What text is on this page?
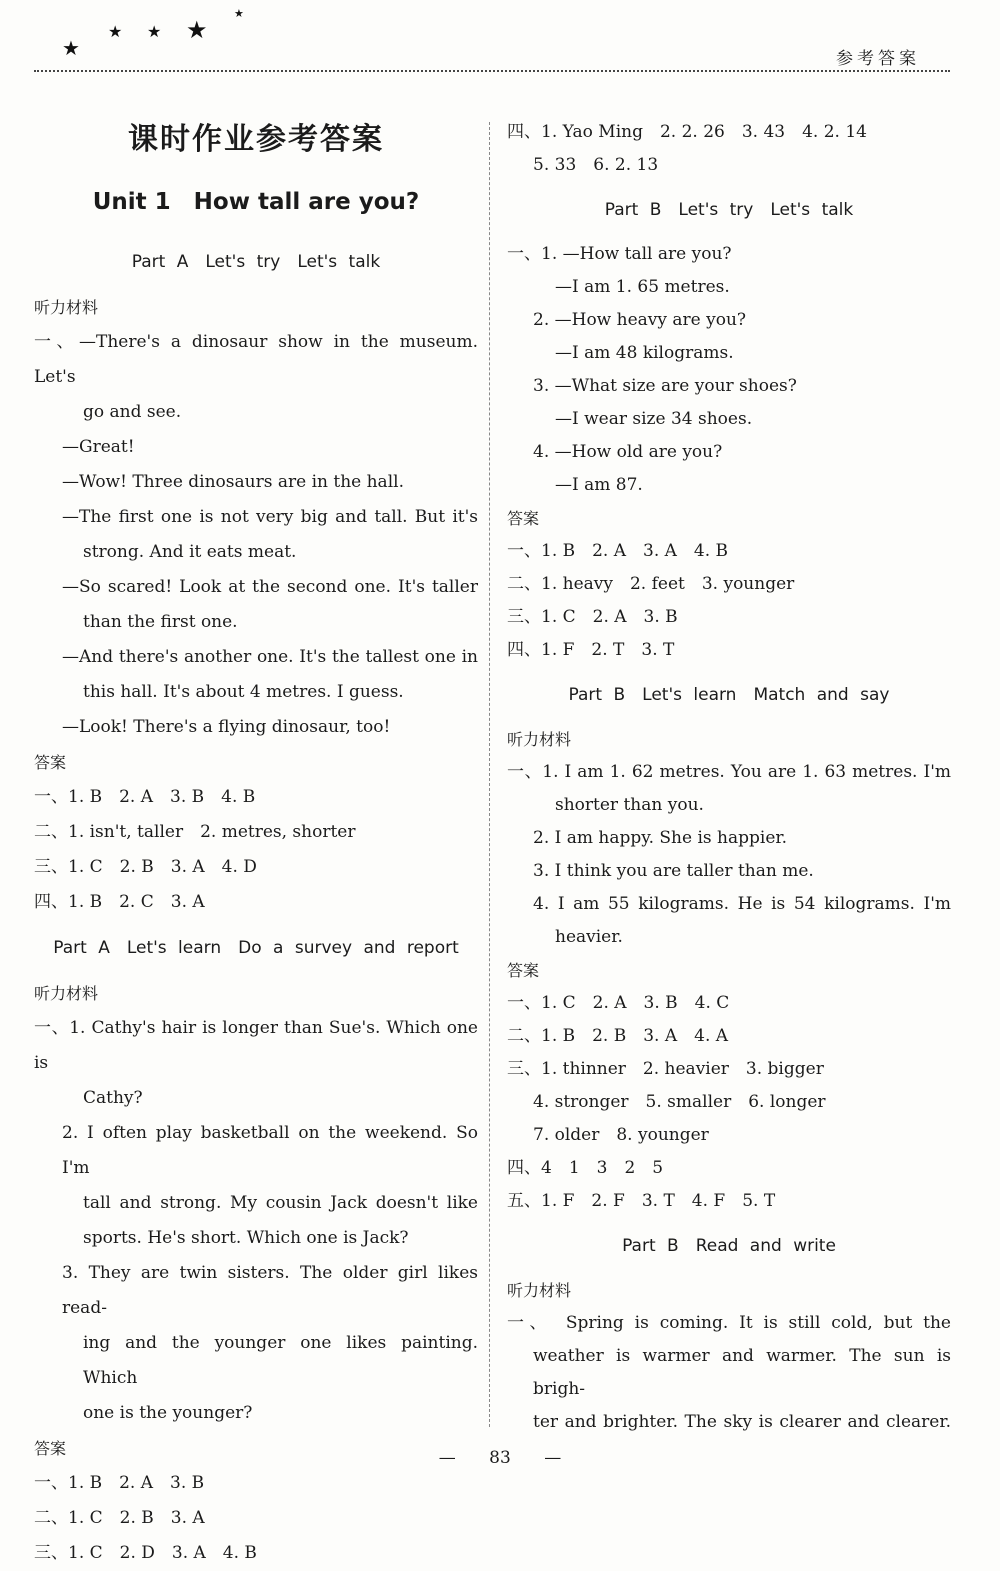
★
★ ★ ★
★
参考答案
课时作业参考答案
Unit 1　How tall are you?
Part A　Let's try　Let's talk
听力材料
一、—There's a dinosaur show in the museum. Let's
go and see.
—Great!
—Wow! Three dinosaurs are in the hall.
—The first one is not very big and tall. But it's
strong. And it eats meat.
—So scared! Look at the second one. It's taller
than the first one.
—And there's another one. It's the tallest one in
this hall. It's about 4 metres. I guess.
—Look! There's a flying dinosaur, too!
答案
一、1. B　2. A　3. B　4. B
二、1. isn't, taller　2. metres, shorter
三、1. C　2. B　3. A　4. D
四、1. B　2. C　3. A
Part A　Let's learn　Do a survey and report
听力材料
一、1. Cathy's hair is longer than Sue's. Which one is
Cathy?
2. I often play basketball on the weekend. So I'm
tall and strong. My cousin Jack doesn't like
sports. He's short. Which one is Jack?
3. They are twin sisters. The older girl likes read-
ing and the younger one likes painting. Which
one is the younger?
答案
一、1. B　2. A　3. B
二、1. C　2. B　3. A
三、1. C　2. D　3. A　4. B
四、1. Yao Ming　2. 2. 26　3. 43　4. 2. 14
5. 33　6. 2. 13
Part B　Let's try　Let's talk
一、1. —How tall are you?
—I am 1. 65 metres.
2. —How heavy are you?
—I am 48 kilograms.
3. —What size are your shoes?
—I wear size 34 shoes.
4. —How old are you?
—I am 87.
答案
一、1. B　2. A　3. A　4. B
二、1. heavy　2. feet　3. younger
三、1. C　2. A　3. B
四、1. F　2. T　3. T
Part B　Let's learn　Match and say
听力材料
一、1. I am 1. 62 metres. You are 1. 63 metres. I'm
shorter than you.
2. I am happy. She is happier.
3. I think you are taller than me.
4. I am 55 kilograms. He is 54 kilograms. I'm
heavier.
答案
一、1. C　2. A　3. B　4. C
二、1. B　2. B　3. A　4. A
三、1. thinner　2. heavier　3. bigger
4. stronger　5. smaller　6. longer
7. older　8. younger
四、4　1　3　2　5
五、1. F　2. F　3. T　4. F　5. T
Part B　Read and write
听力材料
一、　Spring is coming. It is still cold, but the
weather is warmer and warmer. The sun is brigh-
ter and brighter. The sky is clearer and clearer.
— 83 —
